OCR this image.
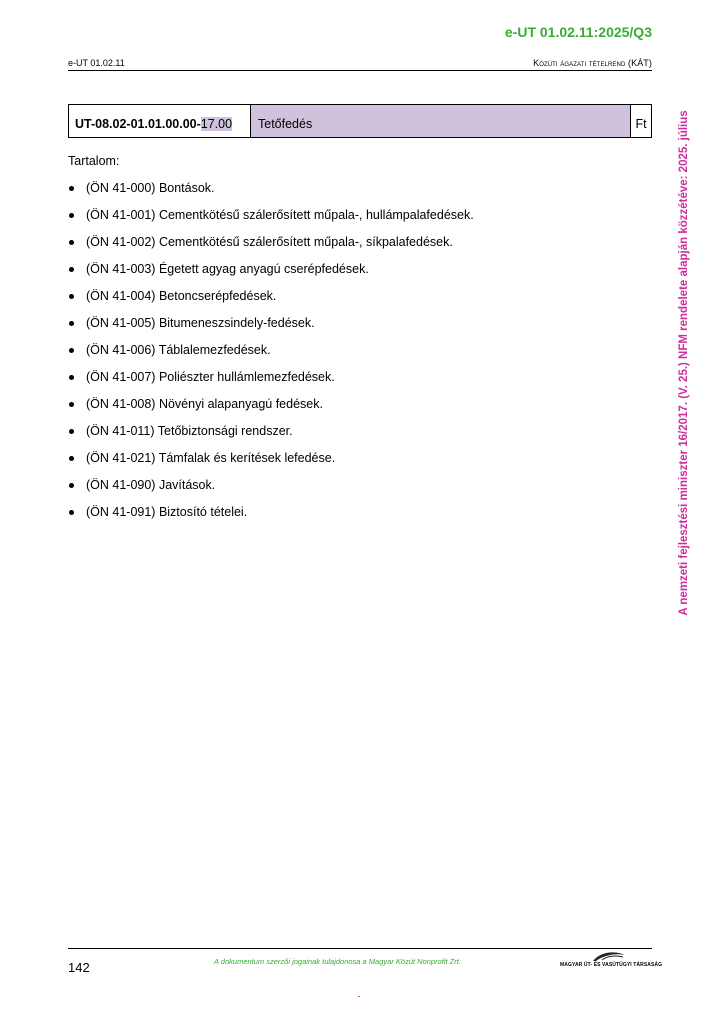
e-UT 01.02.11:2025/Q3
e-UT 01.02.11	Közúti ágazati tételrend (KÁT)
UT-08.02-01.01.00.00- 17.00	Tetőfedés	Ft
Tartalom:
(ÖN 41-000) Bontások.
(ÖN 41-001) Cementkötésű szálerősített műpala-, hullámpalafedések.
(ÖN 41-002) Cementkötésű szálerősített műpala-, síkpalafedések.
(ÖN 41-003) Égetett agyag anyagú cserépfedések.
(ÖN 41-004) Betoncserépfedések.
(ÖN 41-005) Bitumeneszsindely-fedések.
(ÖN 41-006) Táblalemezfedések.
(ÖN 41-007) Poliészter hullámlemezfedések.
(ÖN 41-008) Növényi alapanyagú fedések.
(ÖN 41-011) Tetőbiztonsági rendszer.
(ÖN 41-021) Támfalak és kerítések lefedése.
(ÖN 41-090) Javítások.
(ÖN 41-091) Biztosító tételei.	A nemzeti fejlesztési miniszter 16/2017. (V. 25.) NFM rendelete alapján közzétéve: 2025. július
142	A dokumentum szerzői jogainak tulajdonosa a Magyar Közút Nonprofit Zrt.	MAGYAR ÚT- ÉS VASÚTÜGYI TÁRSASÁG
